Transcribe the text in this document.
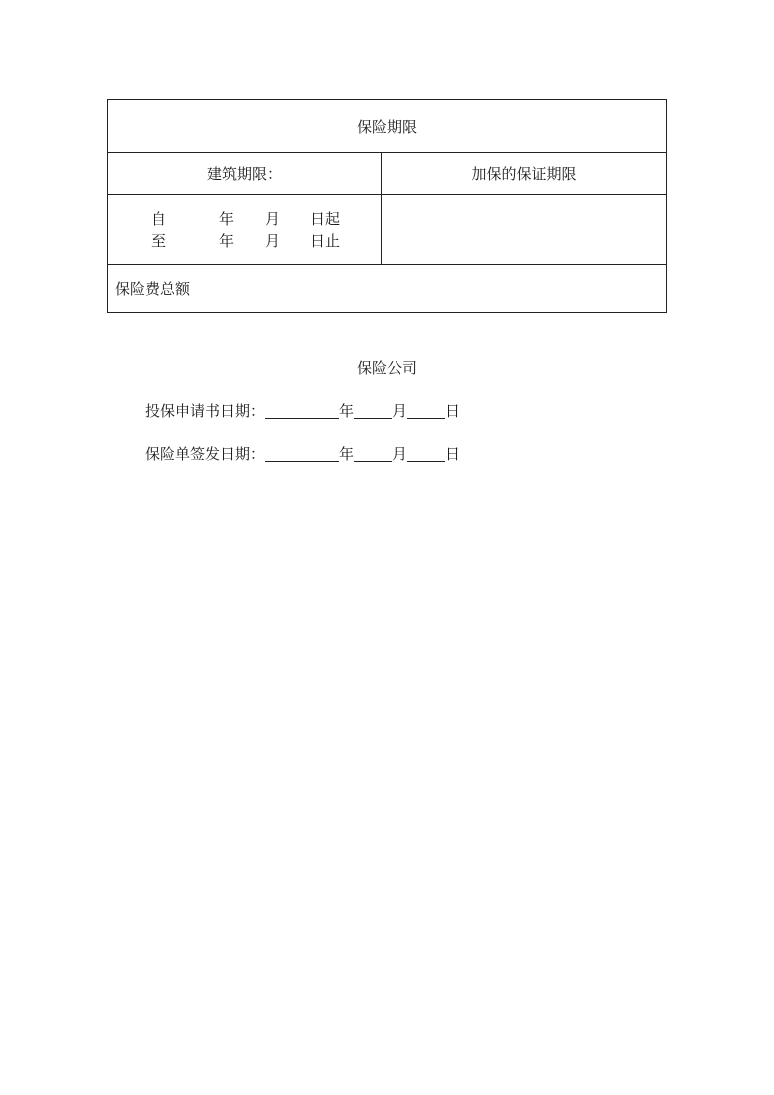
保险期限
建筑期限：	加保的保证期限
自	年 月 日起
至	年 月 日止
保险费总额
保险公司
投保申请书日期：	年	月	日
保险单签发日期：	年	月	日
